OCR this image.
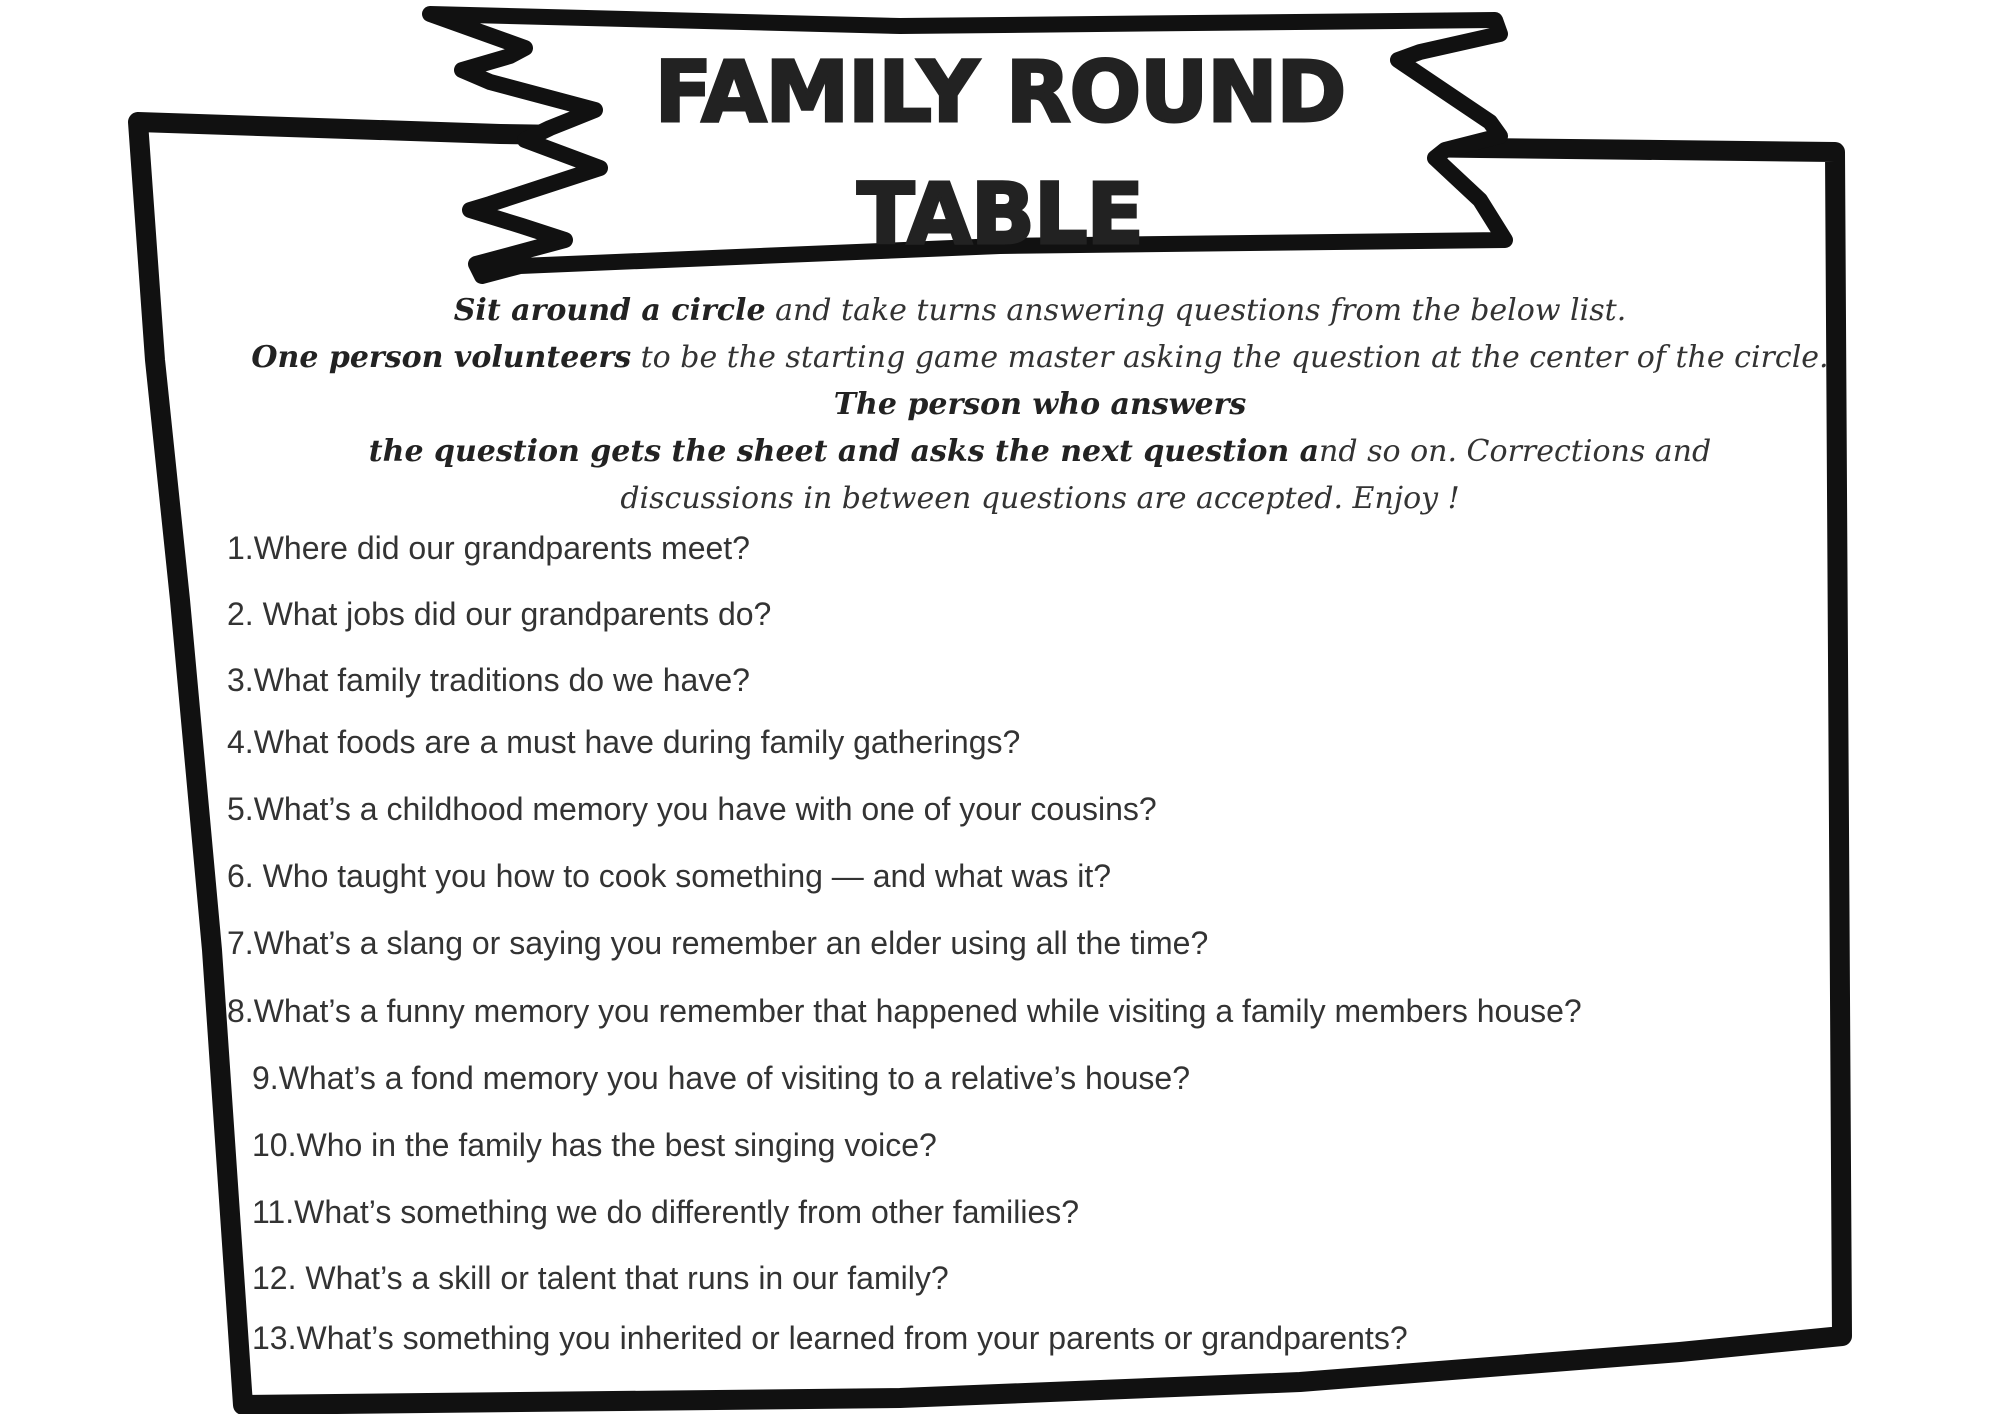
FAMILY ROUND
TABLE
Sit around a circle and take turns answering questions from the below list.
One person volunteers to be the starting game master asking the question at the center of the circle.
The person who answers
the question gets the sheet and asks the next question and so on. Corrections and
discussions in between questions are accepted. Enjoy !
1.Where did our grandparents meet?
2. What jobs did our grandparents do?
3.What family traditions do we have?
4.What foods are a must have during family gatherings?
5.What’s a childhood memory you have with one of your cousins?
6. Who taught you how to cook something — and what was it?
7.What’s a slang or saying you remember an elder using all the time?
8.What’s a funny memory you remember that happened while visiting a family members house?
9.What’s a fond memory you have of visiting to a relative’s house?
10.Who in the family has the best singing voice?
11.What’s something we do differently from other families?
12. What’s a skill or talent that runs in our family?
13.What’s something you inherited or learned from your parents or grandparents?
